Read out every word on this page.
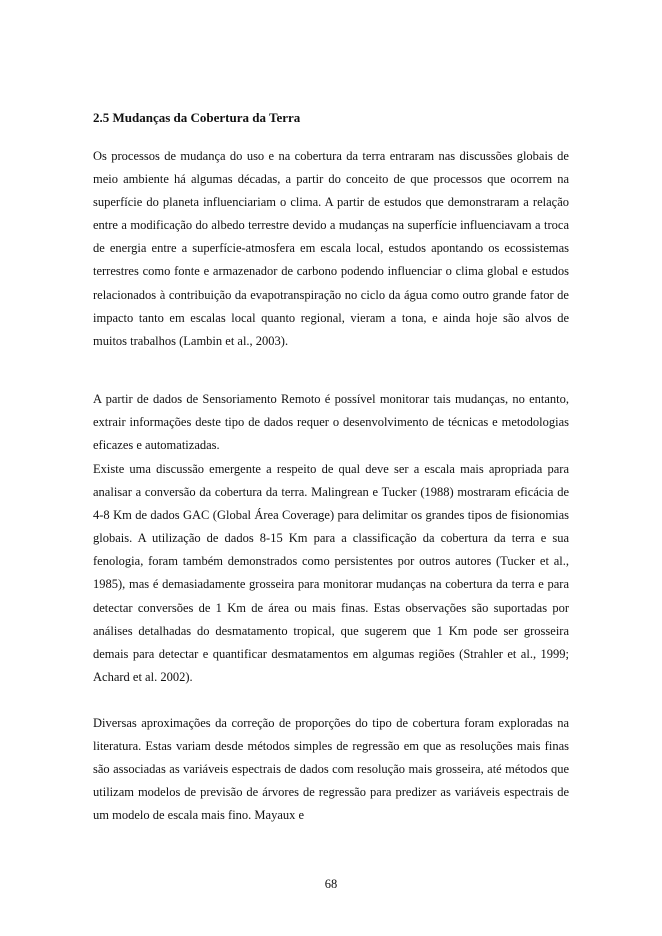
2.5 Mudanças da Cobertura da Terra

Os processos de mudança do uso e na cobertura da terra entraram nas discussões globais de meio ambiente há algumas décadas, a partir do conceito de que processos que ocorrem na superfície do planeta influenciariam o clima. A partir de estudos que demonstraram a relação entre a modificação do albedo terrestre devido a mudanças na superfície influenciavam a troca de energia entre a superfície-atmosfera em escala local, estudos apontando os ecossistemas terrestres como fonte e armazenador de carbono podendo influenciar o clima global e estudos relacionados à contribuição da evapotranspiração no ciclo da água como outro grande fator de impacto tanto em escalas local quanto regional, vieram a tona, e ainda hoje são alvos de muitos trabalhos (Lambin et al., 2003).

A partir de dados de Sensoriamento Remoto é possível monitorar tais mudanças, no entanto, extrair informações deste tipo de dados requer o desenvolvimento de técnicas e metodologias eficazes e automatizadas.

Existe uma discussão emergente a respeito de qual deve ser a escala mais apropriada para analisar a conversão da cobertura da terra. Malingrean e Tucker (1988) mostraram eficácia de 4-8 Km de dados GAC (Global Área Coverage) para delimitar os grandes tipos de fisionomias globais. A utilização de dados 8-15 Km para a classificação da cobertura da terra e sua fenologia, foram também demonstrados como persistentes por outros autores (Tucker et al., 1985), mas é demasiadamente grosseira para monitorar mudanças na cobertura da terra e para detectar conversões de 1 Km de área ou mais finas. Estas observações são suportadas por análises detalhadas do desmatamento tropical, que sugerem que 1 Km pode ser grosseira demais para detectar e quantificar desmatamentos em algumas regiões (Strahler et al., 1999; Achard et al. 2002).

Diversas aproximações da correção de proporções do tipo de cobertura foram exploradas na literatura. Estas variam desde métodos simples de regressão em que as resoluções mais finas são associadas as variáveis espectrais de dados com resolução mais grosseira, até métodos que utilizam modelos de previsão de árvores de regressão para predizer as variáveis espectrais de um modelo de escala mais fino. Mayaux e

68
